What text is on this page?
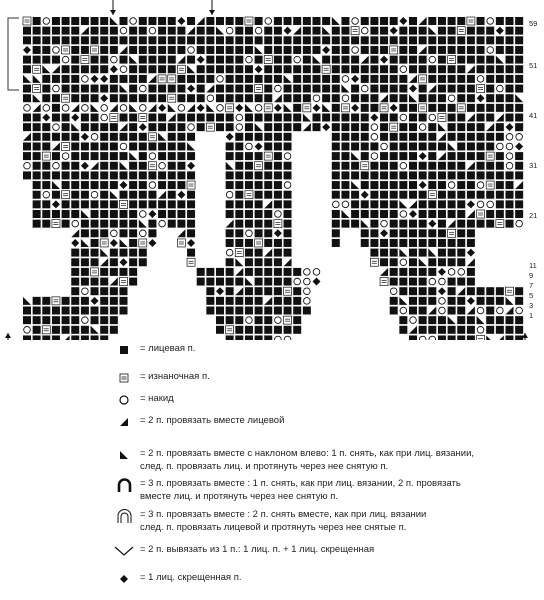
59
51
41
31
21
11
9
7
5
3
1
= лицевая п.
= изнаночная п.
= накид
= 2 п. провязать вместе лицевой
= 2 п. провязать вместе с наклоном влево: 1 п. снять, как при лиц. вязании,
след. п. провязать лиц. и протянуть через нее снятую п.
= 3 п. провязать вместе : 1 п. снять, как при лиц. вязании, 2 п. провязать
вместе лиц. и протянуть через нее снятую п.
= 3 п. провязать вместе : 2 п. снять вместе, как при лиц. вязании
след. п. провязать лицевой и протянуть через нее снятые п.
= 2 п. вывязать из 1 п.: 1 лиц. п. + 1 лиц. скрещенная
= 1 лиц. скрещенная п.
